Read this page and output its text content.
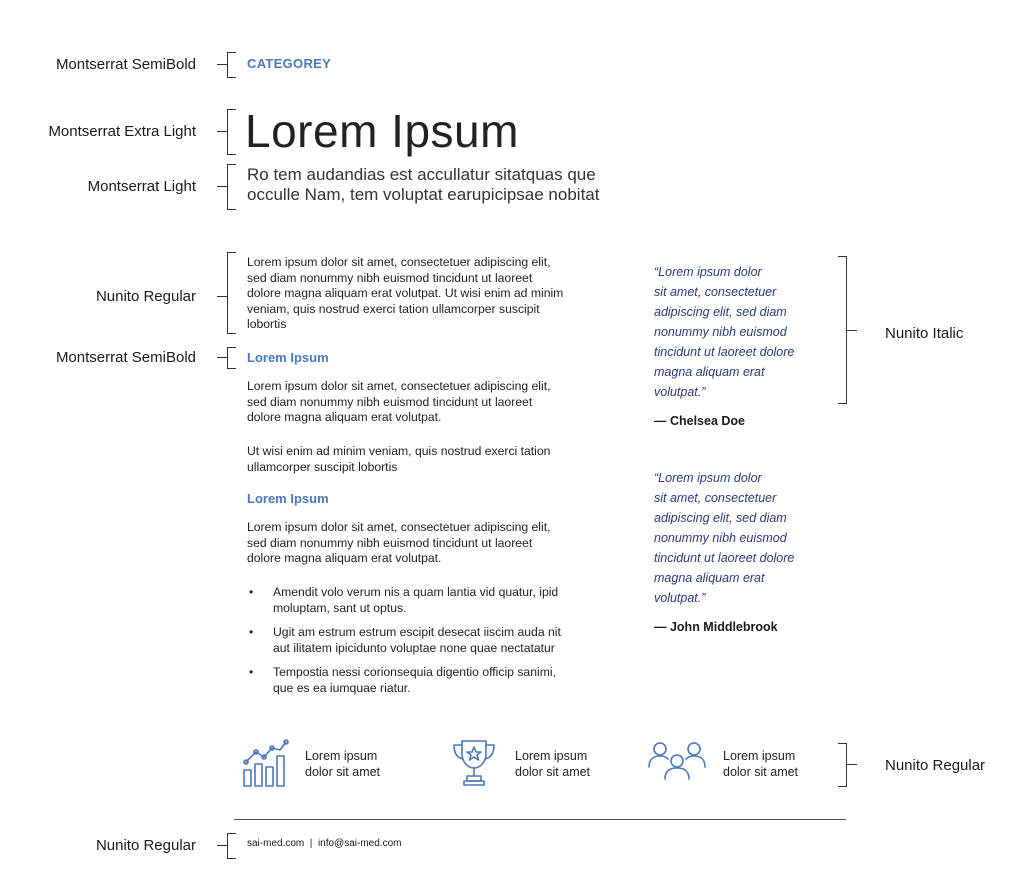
Montserrat SemiBold
Montserrat Extra Light
Montserrat Light
Nunito Regular
Montserrat SemiBold
Nunito Regular
Nunito Italic
Nunito Regular
CATEGOREY
Lorem Ipsum
Ro tem audandias est accullatur sitatquas que
occulle Nam, tem voluptat earupicipsae nobitat
Lorem ipsum dolor sit amet, consectetuer adipiscing elit,
sed diam nonummy nibh euismod tincidunt ut laoreet
dolore magna aliquam erat volutpat. Ut wisi enim ad minim
veniam, quis nostrud exerci tation ullamcorper suscipit
lobortis
Lorem Ipsum
Lorem ipsum dolor sit amet, consectetuer adipiscing elit,
sed diam nonummy nibh euismod tincidunt ut laoreet
dolore magna aliquam erat volutpat.
Ut wisi enim ad minim veniam, quis nostrud exerci tation
ullamcorper suscipit lobortis
Lorem Ipsum
Lorem ipsum dolor sit amet, consectetuer adipiscing elit,
sed diam nonummy nibh euismod tincidunt ut laoreet
dolore magna aliquam erat volutpat.
• Amendit volo verum nis a quam lantia vid quatur, ipid
moluptam, sant ut optus.
• Ugit am estrum estrum escipit desecat iiscim auda nit
aut ilitatem ipicidunto voluptae none quae nectatatur
• Tempostia nessi corionsequia digentio officip sanimi,
que es ea iumquae riatur.
“Lorem ipsum dolor
sit amet, consectetuer
adipiscing elit, sed diam
nonummy nibh euismod
tincidunt ut laoreet dolore
magna aliquam erat
volutpat.”
— Chelsea Doe
“Lorem ipsum dolor
sit amet, consectetuer
adipiscing elit, sed diam
nonummy nibh euismod
tincidunt ut laoreet dolore
magna aliquam erat
volutpat.”
— John Middlebrook
Lorem ipsum
dolor sit amet
Lorem ipsum
dolor sit amet
Lorem ipsum
dolor sit amet
sai-med.com  |  info@sai-med.com
